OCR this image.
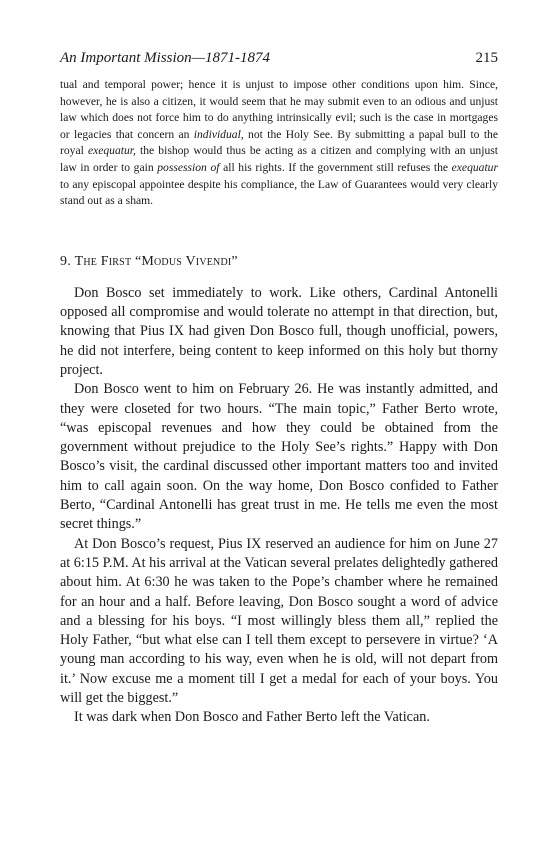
An Important Mission—1871-1874	215

tual and temporal power; hence it is unjust to impose other conditions upon him. Since, however, he is also a citizen, it would seem that he may submit even to an odious and unjust law which does not force him to do anything intrinsically evil; such is the case in mortgages or legacies that concern an individual, not the Holy See. By submitting a papal bull to the royal exequatur, the bishop would thus be acting as a citizen and complying with an unjust law in order to gain possession of all his rights. If the government still refuses the exequatur to any episcopal appointee despite his compliance, the Law of Guarantees would very clearly stand out as a sham.

9. The First “Modus Vivendi”

Don Bosco set immediately to work. Like others, Cardinal Antonelli opposed all compromise and would tolerate no attempt in that direction, but, knowing that Pius IX had given Don Bosco full, though unofficial, powers, he did not interfere, being content to keep informed on this holy but thorny project.

Don Bosco went to him on February 26. He was instantly admitted, and they were closeted for two hours. “The main topic,” Father Berto wrote, “was episcopal revenues and how they could be obtained from the government without prejudice to the Holy See’s rights.” Happy with Don Bosco’s visit, the cardinal discussed other important matters too and invited him to call again soon. On the way home, Don Bosco confided to Father Berto, “Cardinal Antonelli has great trust in me. He tells me even the most secret things.”

At Don Bosco’s request, Pius IX reserved an audience for him on June 27 at 6:15 P.M. At his arrival at the Vatican several prelates delightedly gathered about him. At 6:30 he was taken to the Pope’s chamber where he remained for an hour and a half. Before leaving, Don Bosco sought a word of advice and a blessing for his boys. “I most willingly bless them all,” replied the Holy Father, “but what else can I tell them except to persevere in virtue? ‘A young man according to his way, even when he is old, will not depart from it.’ Now excuse me a moment till I get a medal for each of your boys. You will get the biggest.”

It was dark when Don Bosco and Father Berto left the Vatican.
